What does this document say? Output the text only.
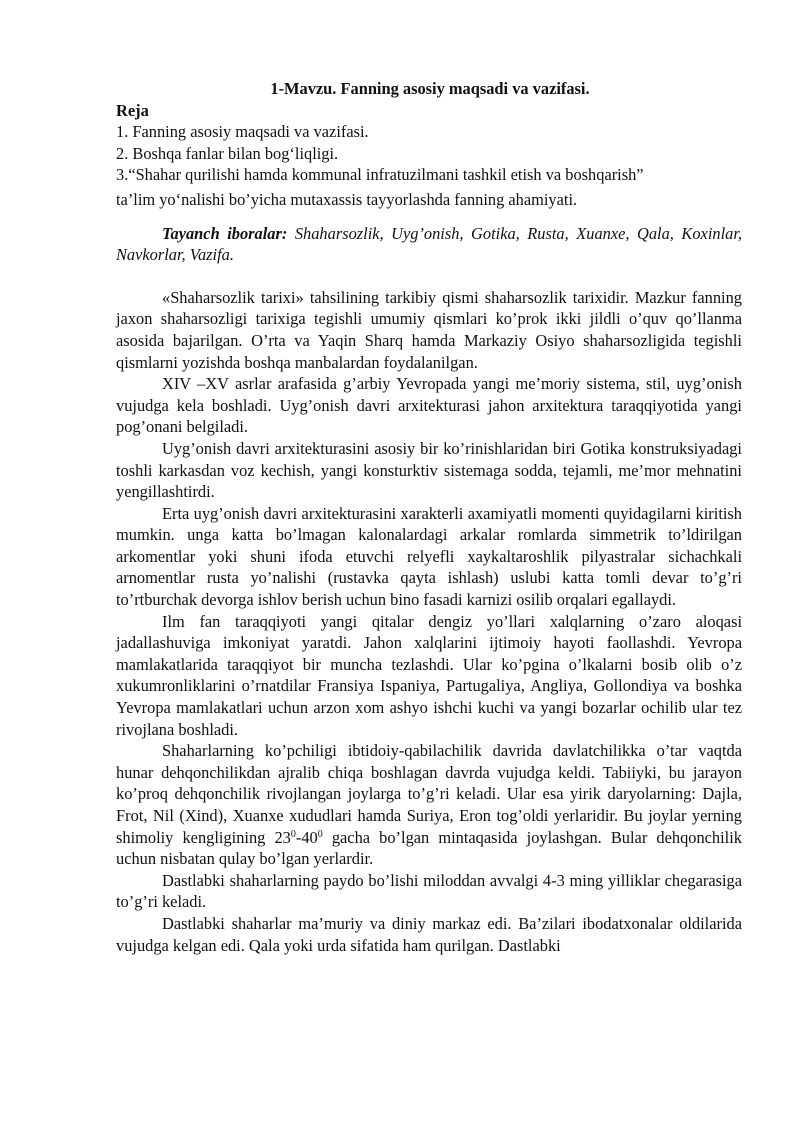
1-Mavzu. Fanning asosiy maqsadi va vazifasi.

Reja

1. Fanning asosiy maqsadi va vazifasi.

2. Boshqa fanlar bilan bog‘liqligi.

3.“Shahar qurilishi hamda kommunal infratuzilmani tashkil etish va boshqarish”

ta’lim yo‘nalishi bo’yicha mutaxassis tayyorlashda fanning ahamiyati.

Tayanch iboralar: Shaharsozlik, Uyg’onish, Gotika, Rusta, Xuanxe, Qala, Koxinlar, Navkorlar, Vazifa.

«Shaharsozlik tarixi» tahsilining tarkibiy qismi shaharsozlik tarixidir. Mazkur fanning jaxon shaharsozligi tarixiga tegishli umumiy qismlari ko’prok ikki jildli o’quv qo’llanma asosida bajarilgan. O’rta va Yaqin Sharq hamda Markaziy Osiyo shaharsozligida tegishli qismlarni yozishda boshqa manbalardan foydalanilgan.

XIV –XV asrlar arafasida g’arbiy Yevropada yangi me’moriy sistema, stil, uyg’onish vujudga kela boshladi. Uyg’onish davri arxitekturasi jahon arxitektura taraqqiyotida yangi pog’onani belgiladi.

Uyg’onish davri arxitekturasini asosiy bir ko’rinishlaridan biri Gotika konstruksiyadagi toshli karkasdan voz kechish, yangi konsturktiv sistemaga sodda, tejamli, me’mor mehnatini yengillashtirdi.

Erta uyg’onish davri arxitekturasini xarakterli axamiyatli momenti quyidagilarni kiritish mumkin. unga katta bo’lmagan kalonalardagi arkalar romlarda simmetrik to’ldirilgan arkomentlar yoki shuni ifoda etuvchi relyefli xaykaltaroshlik pilyastralar sichachkali arnomentlar rusta yo’nalishi (rustavka qayta ishlash) uslubi katta tomli devar to’g’ri to’rtburchak devorga ishlov berish uchun bino fasadi karnizi osilib orqalari egallaydi.

Ilm fan taraqqiyoti yangi qitalar dengiz yo’llari xalqlarning o’zaro aloqasi jadallashuviga imkoniyat yaratdi. Jahon xalqlarini ijtimoiy hayoti faollashdi. Yevropa mamlakatlarida taraqqiyot bir muncha tezlashdi. Ular ko’pgina o’lkalarni bosib olib o’z xukumronliklarini o’rnatdilar Fransiya Ispaniya, Partugaliya, Angliya, Gollondiya va boshka Yevropa mamlakatlari uchun arzon xom ashyo ishchi kuchi va yangi bozarlar ochilib ular tez rivojlana boshladi.

Shaharlarning ko’pchiligi ibtidoiy-qabilachilik davrida davlatchilikka o’tar vaqtda hunar dehqonchilikdan ajralib chiqa boshlagan davrda vujudga keldi. Tabiiyki, bu jarayon ko’proq dehqonchilik rivojlangan joylarga to’g’ri keladi. Ular esa yirik daryolarning: Dajla, Frot, Nil (Xind), Xuanxe xududlari hamda Suriya, Eron tog’oldi yerlaridir. Bu joylar yerning shimoliy kengligining $23^0-40^0$ gacha bo’lgan mintaqasida joylashgan. Bular dehqonchilik uchun nisbatan qulay bo’lgan yerlardir.

Dastlabki shaharlarning paydo bo’lishi miloddan avvalgi 4-3 ming yilliklar chegarasiga to’g’ri keladi.

Dastlabki shaharlar ma’muriy va diniy markaz edi. Ba’zilari ibodatxonalar oldilarida vujudga kelgan edi. Qala yoki urda sifatida ham qurilgan. Dastlabki
